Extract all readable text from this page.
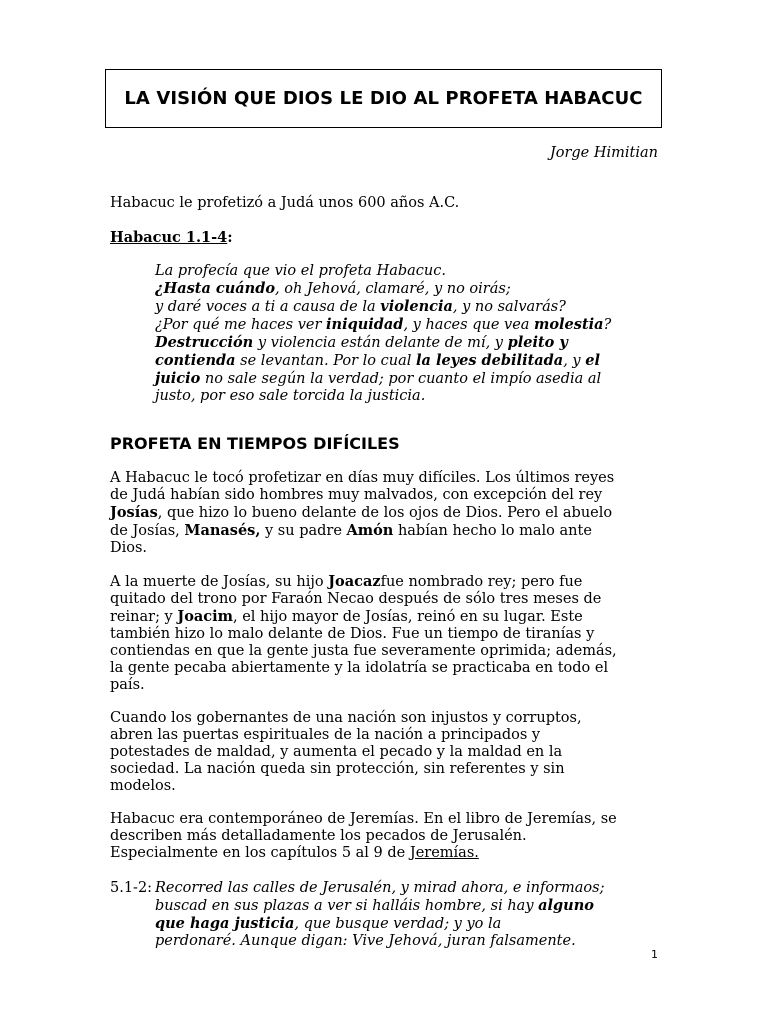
LA VISIÓN QUE DIOS LE DIO AL PROFETA HABACUC
Jorge Himitian
Habacuc le profetizó a Judá unos 600 años A.C.
Habacuc 1.1-4:
La profecía que vio el profeta Habacuc.
¿Hasta cuándo, oh Jehová, clamaré, y no oirás;
y daré voces a ti a causa de la violencia, y no salvarás?
¿Por qué me haces ver iniquidad, y haces que vea molestia?
Destrucción y violencia están delante de mí, y pleito y
contienda se levantan. Por lo cual la leyes debilitada, y el
juicio no sale según la verdad; por cuanto el impío asedia al
justo, por eso sale torcida la justicia.
PROFETA EN TIEMPOS DIFÍCILES
A Habacuc le tocó profetizar en días muy difíciles. Los últimos reyes
de Judá habían sido hombres muy malvados, con excepción del rey
Josías, que hizo lo bueno delante de los ojos de Dios. Pero el abuelo
de Josías, Manasés, y su padre Amón habían hecho lo malo ante
Dios.
A la muerte de Josías, su hijo Joacazfue nombrado rey; pero fue
quitado del trono por Faraón Necao después de sólo tres meses de
reinar; y Joacim, el hijo mayor de Josías, reinó en su lugar. Este
también hizo lo malo delante de Dios. Fue un tiempo de tiranías y
contiendas en que la gente justa fue severamente oprimida; además,
la gente pecaba abiertamente y la idolatría se practicaba en todo el
país.
Cuando los gobernantes de una nación son injustos y corruptos,
abren las puertas espirituales de la nación a principados y
potestades de maldad, y aumenta el pecado y la maldad en la
sociedad. La nación queda sin protección, sin referentes y sin
modelos.
Habacuc era contemporáneo de Jeremías. En el libro de Jeremías, se
describen más detalladamente los pecados de Jerusalén.
Especialmente en los capítulos 5 al 9 de Jeremías.
5.1-2: Recorred las calles de Jerusalén, y mirad ahora, e informaos;
buscad en sus plazas a ver si halláis hombre, si hay alguno
que haga justicia, que busque verdad; y yo la
perdonaré. Aunque digan: Vive Jehová, juran falsamente.
1
